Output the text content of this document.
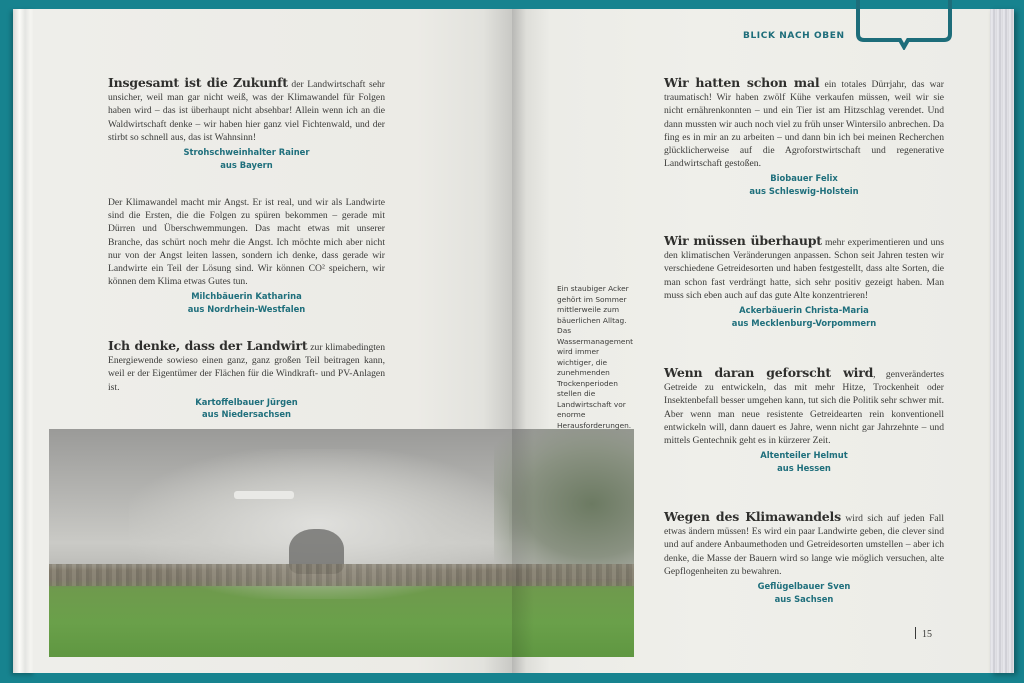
BLICK NACH OBEN
Insgesamt ist die Zukunft der Landwirtschaft sehr unsicher, weil man gar nicht weiß, was der Klimawandel für Folgen haben wird – das ist überhaupt nicht absehbar! Allein wenn ich an die Waldwirtschaft denke – wir haben hier ganz viel Fichtenwald, und der stirbt so schnell aus, das ist Wahnsinn!
Strohschweinhalter Rainer
aus Bayern
Der Klimawandel macht mir Angst. Er ist real, und wir als Landwirte sind die Ersten, die die Folgen zu spüren bekommen – gerade mit Dürren und Überschwemmungen. Das macht etwas mit unserer Branche, das schürt noch mehr die Angst. Ich möchte mich aber nicht nur von der Angst leiten lassen, sondern ich denke, dass gerade wir Landwirte ein Teil der Lösung sind. Wir können CO² speichern, wir können dem Klima etwas Gutes tun.
Milchbäuerin Katharina
aus Nordrhein-Westfalen
Ich denke, dass der Landwirt zur klimabedingten Energiewende sowieso einen ganz, ganz großen Teil beitragen kann, weil er der Eigentümer der Flächen für die Windkraft- und PV-Anlagen ist.
Kartoffelbauer Jürgen
aus Niedersachsen
Ein staubiger Acker gehört im Sommer mittlerweile zum bäuerlichen Alltag. Das Wassermanagement wird immer wichtiger, die zunehmenden Trockenperioden stellen die Landwirtschaft vor enorme Herausforderungen.
Wir hatten schon mal ein totales Dürrjahr, das war traumatisch! Wir haben zwölf Kühe verkaufen müssen, weil wir sie nicht ernährenkonnten – und ein Tier ist am Hitzschlag verendet. Und dann mussten wir auch noch viel zu früh unser Wintersilo anbrechen. Da fing es in mir an zu arbeiten – und dann bin ich bei meinen Recherchen glücklicherweise auf die Agroforstwirtschaft und regenerative Landwirtschaft gestoßen.
Biobauer Felix
aus Schleswig-Holstein
Wir müssen überhaupt mehr experimentieren und uns den klimatischen Veränderungen anpassen. Schon seit Jahren testen wir verschiedene Getreidesorten und haben festgestellt, dass alte Sorten, die man schon fast verdrängt hatte, sich sehr positiv gezeigt haben. Man muss sich eben auch auf das gute Alte konzentrieren!
Ackerbäuerin Christa-Maria
aus Mecklenburg-Vorpommern
Wenn daran geforscht wird, genverändertes Getreide zu entwickeln, das mit mehr Hitze, Trockenheit oder Insektenbefall besser umgehen kann, tut sich die Politik sehr schwer mit. Aber wenn man neue resistente Getreidearten rein konventionell entwickeln will, dann dauert es Jahre, wenn nicht gar Jahrzehnte – und mittels Gentechnik geht es in kürzerer Zeit.
Altenteiler Helmut
aus Hessen
Wegen des Klimawandels wird sich auf jeden Fall etwas ändern müssen! Es wird ein paar Landwirte geben, die clever sind und auf andere Anbaumethoden und Getreidesorten umstellen – aber ich denke, die Masse der Bauern wird so lange wie möglich versuchen, alte Gepflogenheiten zu bewahren.
Geflügelbauer Sven
aus Sachsen
15
